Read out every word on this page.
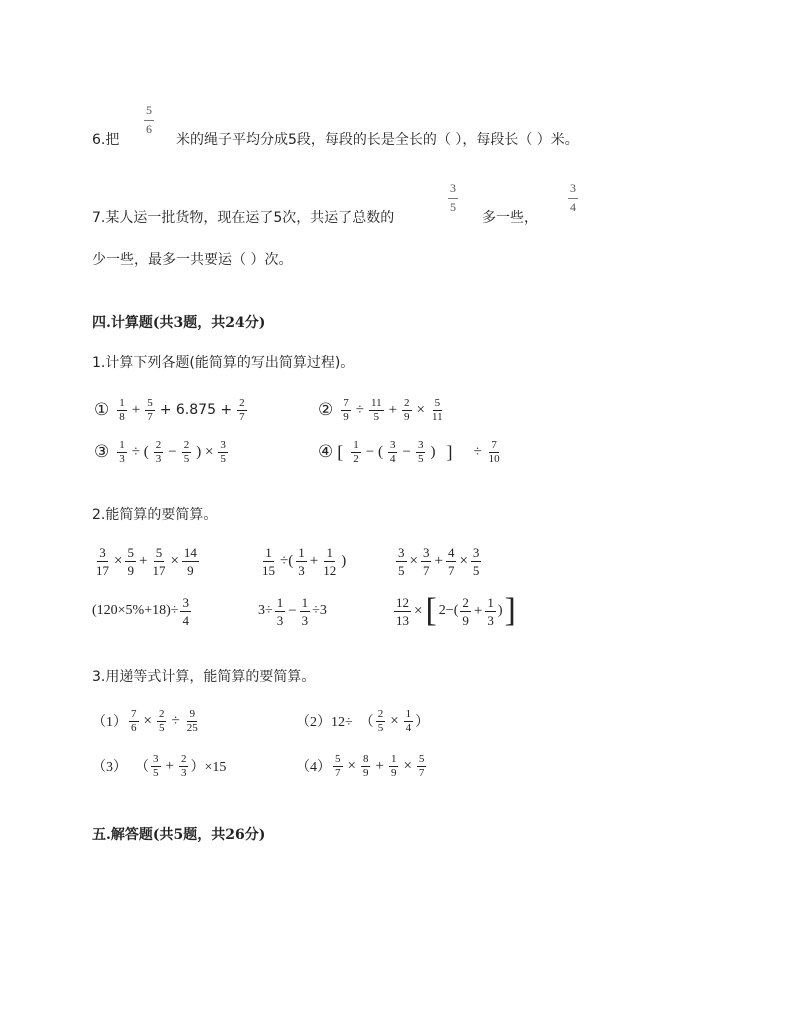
5
6
6.把	米的绳子平均分成5段，每段的长是全长的（ ），每段长（ ）米。
7.某人运一批货物，现在运了5次，共运了总数的
3
5
多一些，
3
4
少一些，最多一共要运（ ）次。
四.计算题(共3题，共24分)
1.计算下列各题(能简算的写出简算过程)。
① $\frac{1}{8} + \frac{5}{7} + 6.875 + \frac{2}{7}$	② $\frac{7}{9} \div \frac{11}{5} + \frac{2}{9} \times \frac{5}{11}$
③ $\frac{1}{3}$ ÷ ( $\frac{2}{3} - \frac{2}{5}$ ) × $\frac{3}{5}$	④ [ $\frac{1}{2}$ − ( $\frac{3}{4} - \frac{3}{5}$ ) ] ÷ $\frac{7}{10}$
2.能简算的要简算。
$\frac{3}{17} \times \frac{5}{9} + \frac{5}{17} \times \frac{14}{9}$	$\frac{1}{15}$ ÷( $\frac{1}{3} + \frac{1}{12}$ )	$\frac{3}{5} \times \frac{3}{7} + \frac{4}{7} \times \frac{3}{5}$
$(120\times 5\%+18)\div \frac{3}{4}$	$3\div \frac{1}{3} - \frac{1}{3} \div 3$	$\frac{12}{13}$ × [ $2-( \frac{2}{9} + \frac{1}{3}$ ) ]
3.用递等式计算，能简算的要简算。
$(1) \frac{7}{6} \times \frac{2}{5} \div \frac{9}{25}$	（2） 12÷　（ $\frac{2}{5} \times \frac{1}{4}$ ）
（3） （ $\frac{3}{5} + \frac{2}{3} )\times 15$	$(4) \frac{5}{7} \times \frac{8}{9} + \frac{1}{9} \times \frac{5}{7}$
五.解答题(共5题，共26分)
